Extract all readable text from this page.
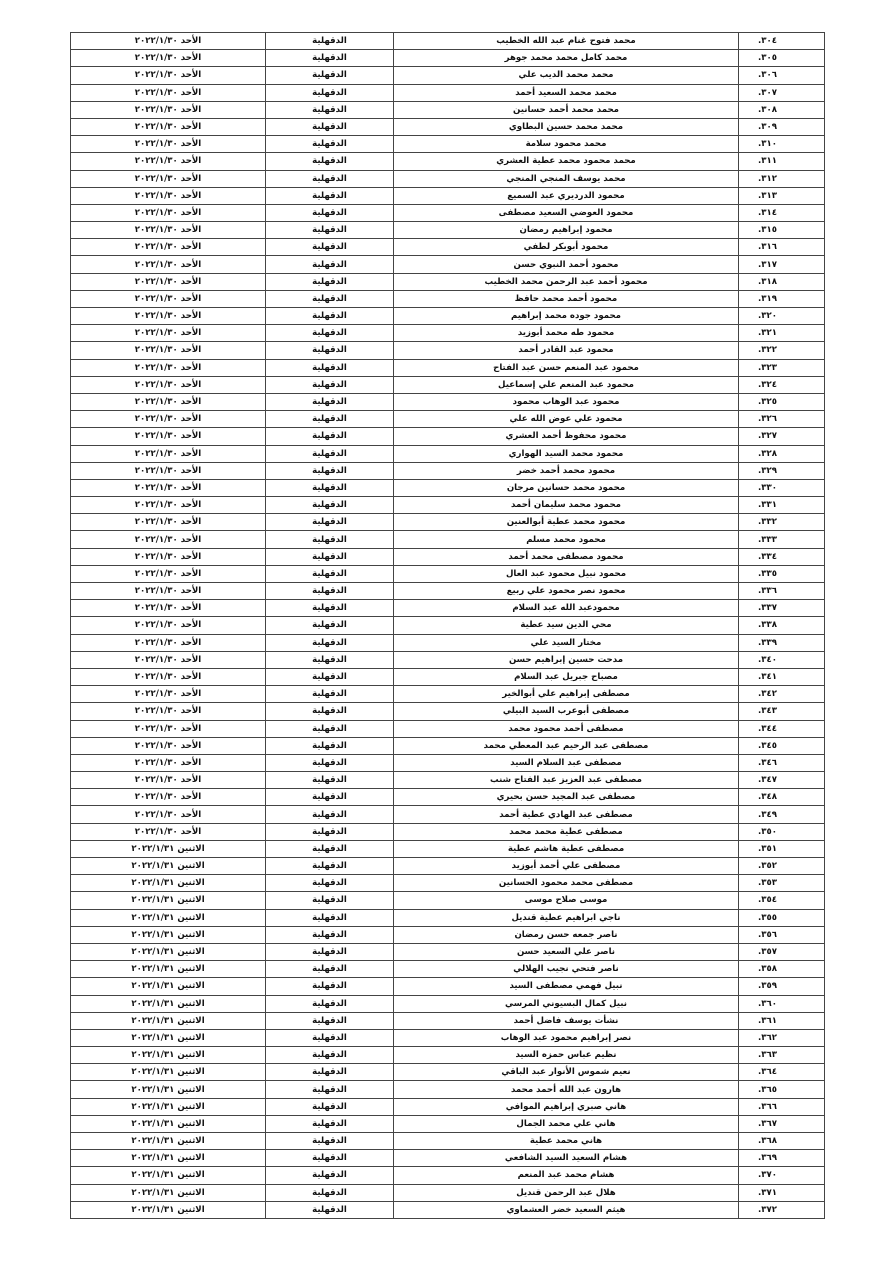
٣٠٤.	محمد فتوح غنام عبد الله الخطيب	الدقهلية	الأحد ٢٠٢٢/١/٣٠
٣٠٥.	محمد كامل محمد محمد جوهر	الدقهلية	الأحد ٢٠٢٢/١/٣٠
٣٠٦.	محمد محمد الديب علي	الدقهلية	الأحد ٢٠٢٢/١/٣٠
٣٠٧.	محمد محمد السعيد أحمد	الدقهلية	الأحد ٢٠٢٢/١/٣٠
٣٠٨.	محمد محمد أحمد حسانين	الدقهلية	الأحد ٢٠٢٢/١/٣٠
٣٠٩.	محمد محمد حسين البطاوي	الدقهلية	الأحد ٢٠٢٢/١/٣٠
٣١٠.	محمد محمود سلامة	الدقهلية	الأحد ٢٠٢٢/١/٣٠
٣١١.	محمد محمود محمد عطية العشري	الدقهلية	الأحد ٢٠٢٢/١/٣٠
٣١٢.	محمد يوسف المنجي المنجي	الدقهلية	الأحد ٢٠٢٢/١/٣٠
٣١٣.	محمود الدرديري عبد السميع	الدقهلية	الأحد ٢٠٢٢/١/٣٠
٣١٤.	محمود العوضي السعيد مصطفى	الدقهلية	الأحد ٢٠٢٢/١/٣٠
٣١٥.	محمود إبراهيم رمضان	الدقهلية	الأحد ٢٠٢٢/١/٣٠
٣١٦.	محمود أبوبكر لطفي	الدقهلية	الأحد ٢٠٢٢/١/٣٠
٣١٧.	محمود أحمد النبوي حسن	الدقهلية	الأحد ٢٠٢٢/١/٣٠
٣١٨.	محمود أحمد عبد الرحمن محمد الخطيب	الدقهلية	الأحد ٢٠٢٢/١/٣٠
٣١٩.	محمود أحمد محمد حافظ	الدقهلية	الأحد ٢٠٢٢/١/٣٠
٣٢٠.	محمود جوده محمد إبراهيم	الدقهلية	الأحد ٢٠٢٢/١/٣٠
٣٢١.	محمود طه محمد أبوزيد	الدقهلية	الأحد ٢٠٢٢/١/٣٠
٣٢٢.	محمود عبد القادر أحمد	الدقهلية	الأحد ٢٠٢٢/١/٣٠
٣٢٣.	محمود عبد المنعم حسن عبد الفتاح	الدقهلية	الأحد ٢٠٢٢/١/٣٠
٣٢٤.	محمود عبد المنعم علي إسماعيل	الدقهلية	الأحد ٢٠٢٢/١/٣٠
٣٢٥.	محمود عبد الوهاب محمود	الدقهلية	الأحد ٢٠٢٢/١/٣٠
٣٢٦.	محمود علي عوض الله علي	الدقهلية	الأحد ٢٠٢٢/١/٣٠
٣٢٧.	محمود محفوظ أحمد العشري	الدقهلية	الأحد ٢٠٢٢/١/٣٠
٣٢٨.	محمود محمد السيد الهواري	الدقهلية	الأحد ٢٠٢٢/١/٣٠
٣٢٩.	محمود محمد أحمد خضر	الدقهلية	الأحد ٢٠٢٢/١/٣٠
٣٣٠.	محمود محمد حسانين مرجان	الدقهلية	الأحد ٢٠٢٢/١/٣٠
٣٣١.	محمود محمد سليمان أحمد	الدقهلية	الأحد ٢٠٢٢/١/٣٠
٣٣٢.	محمود محمد عطية أبوالعنين	الدقهلية	الأحد ٢٠٢٢/١/٣٠
٣٣٣.	محمود محمد مسلم	الدقهلية	الأحد ٢٠٢٢/١/٣٠
٣٣٤.	محمود مصطفى محمد أحمد	الدقهلية	الأحد ٢٠٢٢/١/٣٠
٣٣٥.	محمود نبيل محمود عبد العال	الدقهلية	الأحد ٢٠٢٢/١/٣٠
٣٣٦.	محمود نصر محمود علي ربيع	الدقهلية	الأحد ٢٠٢٢/١/٣٠
٣٣٧.	محمودعبد الله عبد السلام	الدقهلية	الأحد ٢٠٢٢/١/٣٠
٣٣٨.	محي الدين سيد عطية	الدقهلية	الأحد ٢٠٢٢/١/٣٠
٣٣٩.	مختار السيد علي	الدقهلية	الأحد ٢٠٢٢/١/٣٠
٣٤٠.	مدحت حسين إبراهيم حسن	الدقهلية	الأحد ٢٠٢٢/١/٣٠
٣٤١.	مصباح جبريل عبد السلام	الدقهلية	الأحد ٢٠٢٢/١/٣٠
٣٤٢.	مصطفى إبراهيم علي أبوالخير	الدقهلية	الأحد ٢٠٢٢/١/٣٠
٣٤٣.	مصطفى أبوعرب السيد البيلي	الدقهلية	الأحد ٢٠٢٢/١/٣٠
٣٤٤.	مصطفى أحمد محمود محمد	الدقهلية	الأحد ٢٠٢٢/١/٣٠
٣٤٥.	مصطفى عبد الرحيم عبد المعطي محمد	الدقهلية	الأحد ٢٠٢٢/١/٣٠
٣٤٦.	مصطفى عبد السلام السيد	الدقهلية	الأحد ٢٠٢٢/١/٣٠
٣٤٧.	مصطفى عبد العزيز عبد الفتاح شنب	الدقهلية	الأحد ٢٠٢٢/١/٣٠
٣٤٨.	مصطفى عبد المجيد حسن بحيري	الدقهلية	الأحد ٢٠٢٢/١/٣٠
٣٤٩.	مصطفى عبد الهادي عطية أحمد	الدقهلية	الأحد ٢٠٢٢/١/٣٠
٣٥٠.	مصطفى عطية محمد محمد	الدقهلية	الأحد ٢٠٢٢/١/٣٠
٣٥١.	مصطفى عطية هاشم عطية	الدقهلية	الاثنين ٢٠٢٢/١/٣١
٣٥٢.	مصطفى علي أحمد أبوزيد	الدقهلية	الاثنين ٢٠٢٢/١/٣١
٣٥٣.	مصطفى محمد محمود الحسانين	الدقهلية	الاثنين ٢٠٢٢/١/٣١
٣٥٤.	موسى صلاح موسى	الدقهلية	الاثنين ٢٠٢٢/١/٣١
٣٥٥.	ناجي ابراهيم عطية قنديل	الدقهلية	الاثنين ٢٠٢٢/١/٣١
٣٥٦.	ناصر جمعه حسن رمضان	الدقهلية	الاثنين ٢٠٢٢/١/٣١
٣٥٧.	ناصر علي السعيد حسن	الدقهلية	الاثنين ٢٠٢٢/١/٣١
٣٥٨.	ناصر فتحي نجيب الهلالي	الدقهلية	الاثنين ٢٠٢٢/١/٣١
٣٥٩.	نبيل فهمي مصطفى السيد	الدقهلية	الاثنين ٢٠٢٢/١/٣١
٣٦٠.	نبيل كمال البسيوني المرسي	الدقهلية	الاثنين ٢٠٢٢/١/٣١
٣٦١.	نشأت يوسف فاضل أحمد	الدقهلية	الاثنين ٢٠٢٢/١/٣١
٣٦٢.	نصر إبراهيم محمود عبد الوهاب	الدقهلية	الاثنين ٢٠٢٢/١/٣١
٣٦٣.	نظيم عباس حمزه السيد	الدقهلية	الاثنين ٢٠٢٢/١/٣١
٣٦٤.	نعيم شموس الأنوار عبد الباقي	الدقهلية	الاثنين ٢٠٢٢/١/٣١
٣٦٥.	هارون عبد الله أحمد محمد	الدقهلية	الاثنين ٢٠٢٢/١/٣١
٣٦٦.	هاني صبري إبراهيم الموافي	الدقهلية	الاثنين ٢٠٢٢/١/٣١
٣٦٧.	هاني علي محمد الجمال	الدقهلية	الاثنين ٢٠٢٢/١/٣١
٣٦٨.	هاني محمد عطية	الدقهلية	الاثنين ٢٠٢٢/١/٣١
٣٦٩.	هشام السعيد السيد الشافعي	الدقهلية	الاثنين ٢٠٢٢/١/٣١
٣٧٠.	هشام محمد عبد المنعم	الدقهلية	الاثنين ٢٠٢٢/١/٣١
٣٧١.	هلال عبد الرحمن قنديل	الدقهلية	الاثنين ٢٠٢٢/١/٣١
٣٧٢.	هيثم السعيد خضر العشماوي	الدقهلية	الاثنين ٢٠٢٢/١/٣١
